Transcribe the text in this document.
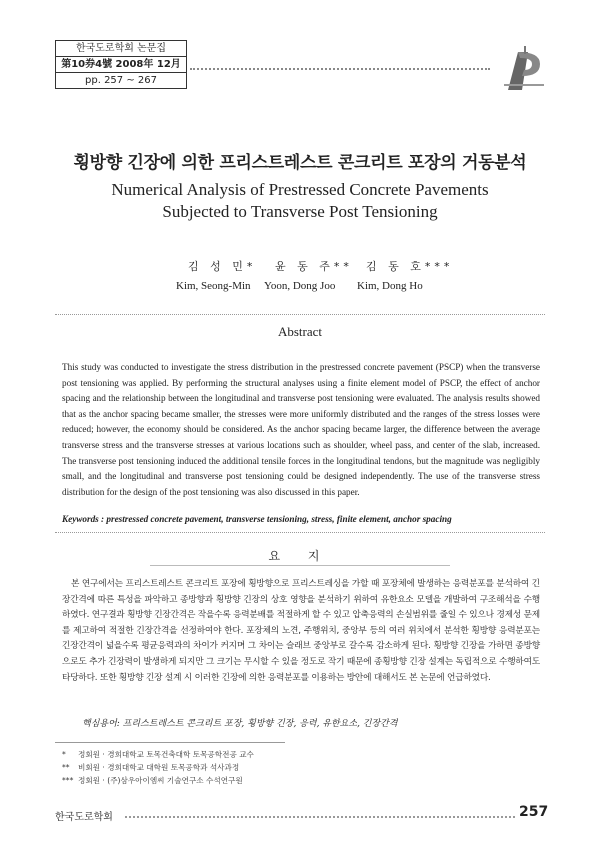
한국도로학회 논문집
第10券4號 2008年 12月
pp. 257 ~ 267
횡방향 긴장에 의한 프리스트레스트 콘크리트 포장의 거동분석
Numerical Analysis of Prestressed Concrete Pavements
Subjected to Transverse Post Tensioning
김 성 민* 윤 동 주** 김 동 호***
Kim, Seong-Min Yoon, Dong Joo Kim, Dong Ho
Abstract
This study was conducted to investigate the stress distribution in the prestressed concrete pavement (PSCP) when the transverse post tensioning was applied. By performing the structural analyses using a finite element model of PSCP, the effect of anchor spacing and the relationship between the longitudinal and transverse post tensioning were evaluated. The analysis results showed that as the anchor spacing became smaller, the stresses were more uniformly distributed and the ranges of the stress losses were reduced; however, the economy should be considered. As the anchor spacing became larger, the difference between the average transverse stress and the transverse stresses at various locations such as shoulder, wheel pass, and center of the slab, increased. The transverse post tensioning induced the additional tensile forces in the longitudinal tendons, but the magnitude was negligibly small, and the longitudinal and transverse post tensioning could be designed independently. The use of the transverse stress distribution for the design of the post tensioning was also discussed in this paper.
Keywords : prestressed concrete pavement, transverse tensioning, stress, finite element, anchor spacing
요 지
본 연구에서는 프리스트레스트 콘크리트 포장에 횡방향으로 프리스트레싱을 가할 때 포장체에 발생하는 응력분포를 분석하여 긴장간격에 따른 특성을 파악하고 종방향과 횡방향 긴장의 상호 영향을 분석하기 위하여 유한요소 모델을 개발하여 구조해석을 수행하였다. 연구결과 횡방향 긴장간격은 작을수록 응력분배를 적절하게 할 수 있고 압축응력의 손실범위를 줄일 수 있으나 경제성 문제를 제고하여 적절한 긴장간격을 선정하여야 한다. 포장체의 노견, 주행위치, 중앙부 등의 여러 위치에서 분석한 횡방향 응력분포는 긴장간격이 넓을수록 평균응력과의 차이가 커지며 그 차이는 슬래브 중앙부로 갈수록 감소하게 된다. 횡방향 긴장을 가하면 종방향으로도 추가 긴장력이 발생하게 되지만 그 크기는 무시할 수 있을 정도로 작기 때문에 종횡방향 긴장 설계는 독립적으로 수행하여도 타당하다. 또한 횡방향 긴장 설계 시 이러한 긴장에 의한 응력분포를 이용하는 방안에 대해서도 본 논문에 언급하였다.
핵심용어: 프리스트레스트 콘크리트 포장, 횡방향 긴장, 응력, 유한요소, 긴장간격
* 정회원 · 경희대학교 토목건축대학 토목공학전공 교수
** 비회원 · 경희대학교 대학원 토목공학과 석사과정
*** 정회원 · (주)삼우아이엠씨 기술연구소 수석연구원
한국도로학회	257
